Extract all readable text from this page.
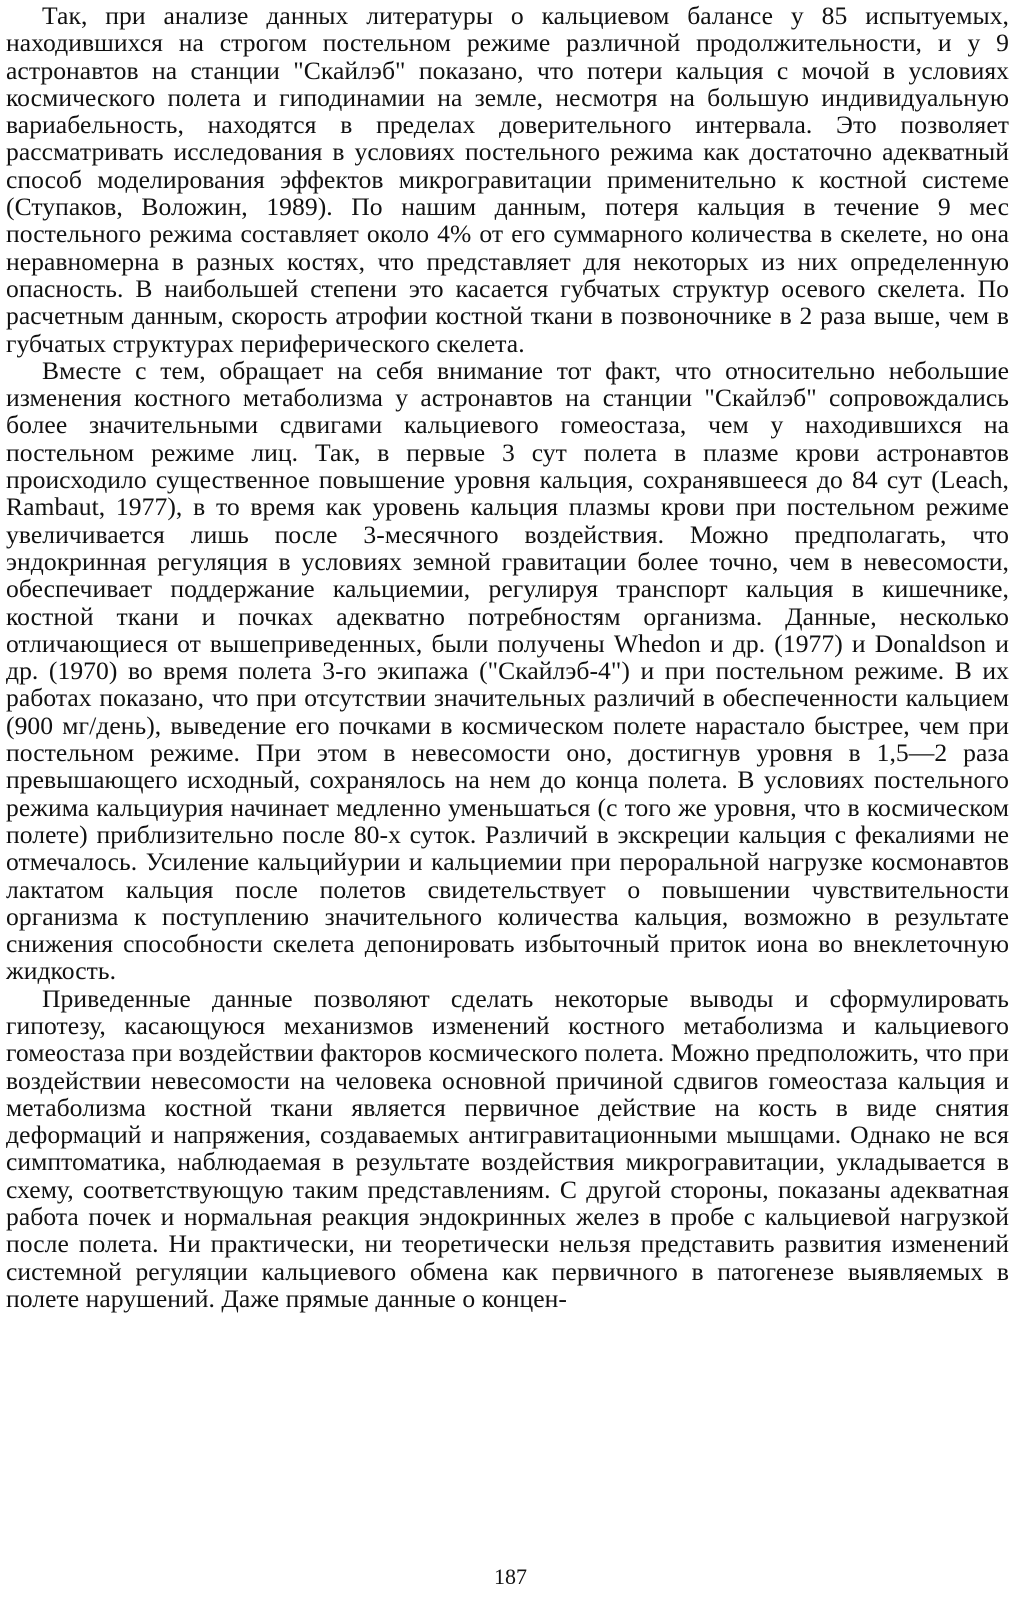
Так, при анализе данных литературы о кальциевом балансе у 85 испытуемых, находившихся на строгом постельном режиме различной продолжительности, и у 9 астронавтов на станции "Скайлэб" показано, что потери кальция с мочой в условиях космического полета и гиподинамии на земле, несмотря на большую индивидуальную вариабельность, находятся в пределах доверительного интервала. Это позволяет рассматривать исследования в условиях постельного режима как достаточно адекватный способ моделирования эффектов микрогравитации применительно к костной системе (Ступаков, Воложин, 1989). По нашим данным, потеря кальция в течение 9 мес постельного режима составляет около 4% от его суммарного количества в скелете, но она неравномерна в разных костях, что представляет для некоторых из них определенную опасность. В наибольшей степени это касается губчатых структур осевого скелета. По расчетным данным, скорость атрофии костной ткани в позвоночнике в 2 раза выше, чем в губчатых структурах периферического скелета.

Вместе с тем, обращает на себя внимание тот факт, что относительно небольшие изменения костного метаболизма у астронавтов на станции "Скайлэб" сопровождались более значительными сдвигами кальциевого гомеостаза, чем у находившихся на постельном режиме лиц. Так, в первые 3 сут полета в плазме крови астронавтов происходило существенное повышение уровня кальция, сохранявшееся до 84 сут (Leach, Rambaut, 1977), в то время как уровень кальция плазмы крови при постельном режиме увеличивается лишь после 3-месячного воздействия. Можно предполагать, что эндокринная регуляция в условиях земной гравитации более точно, чем в невесомости, обеспечивает поддержание кальциемии, регулируя транспорт кальция в кишечнике, костной ткани и почках адекватно потребностям организма. Данные, несколько отличающиеся от вышеприведенных, были получены Whedon и др. (1977) и Donaldson и др. (1970) во время полета 3-го экипажа ("Скайлэб-4") и при постельном режиме. В их работах показано, что при отсутствии значительных различий в обеспеченности кальцием (900 мг/день), выведение его почками в космическом полете нарастало быстрее, чем при постельном режиме. При этом в невесомости оно, достигнув уровня в 1,5—2 раза превышающего исходный, сохранялось на нем до конца полета. В условиях постельного режима кальциурия начинает медленно уменьшаться (с того же уровня, что в космическом полете) приблизительно после 80-х суток. Различий в экскреции кальция с фекалиями не отмечалось. Усиление кальцийурии и кальциемии при пероральной нагрузке космонавтов лактатом кальция после полетов свидетельствует о повышении чувствительности организма к поступлению значительного количества кальция, возможно в результате снижения способности скелета депонировать избыточный приток иона во внеклеточную жидкость.

Приведенные данные позволяют сделать некоторые выводы и сформулировать гипотезу, касающуюся механизмов изменений костного метаболизма и кальциевого гомеостаза при воздействии факторов космического полета. Можно предположить, что при воздействии невесомости на человека основной причиной сдвигов гомеостаза кальция и метаболизма костной ткани является первичное действие на кость в виде снятия деформаций и напряжения, создаваемых антигравитационными мышцами. Однако не вся симптоматика, наблюдаемая в результате воздействия микрогравитации, укладывается в схему, соответствующую таким представлениям. С другой стороны, показаны адекватная работа почек и нормальная реакция эндокринных желез в пробе с кальциевой нагрузкой после полета. Ни практически, ни теоретически нельзя представить развития изменений системной регуляции кальциевого обмена как первичного в патогенезе выявляемых в полете нарушений. Даже прямые данные о концен-

187
